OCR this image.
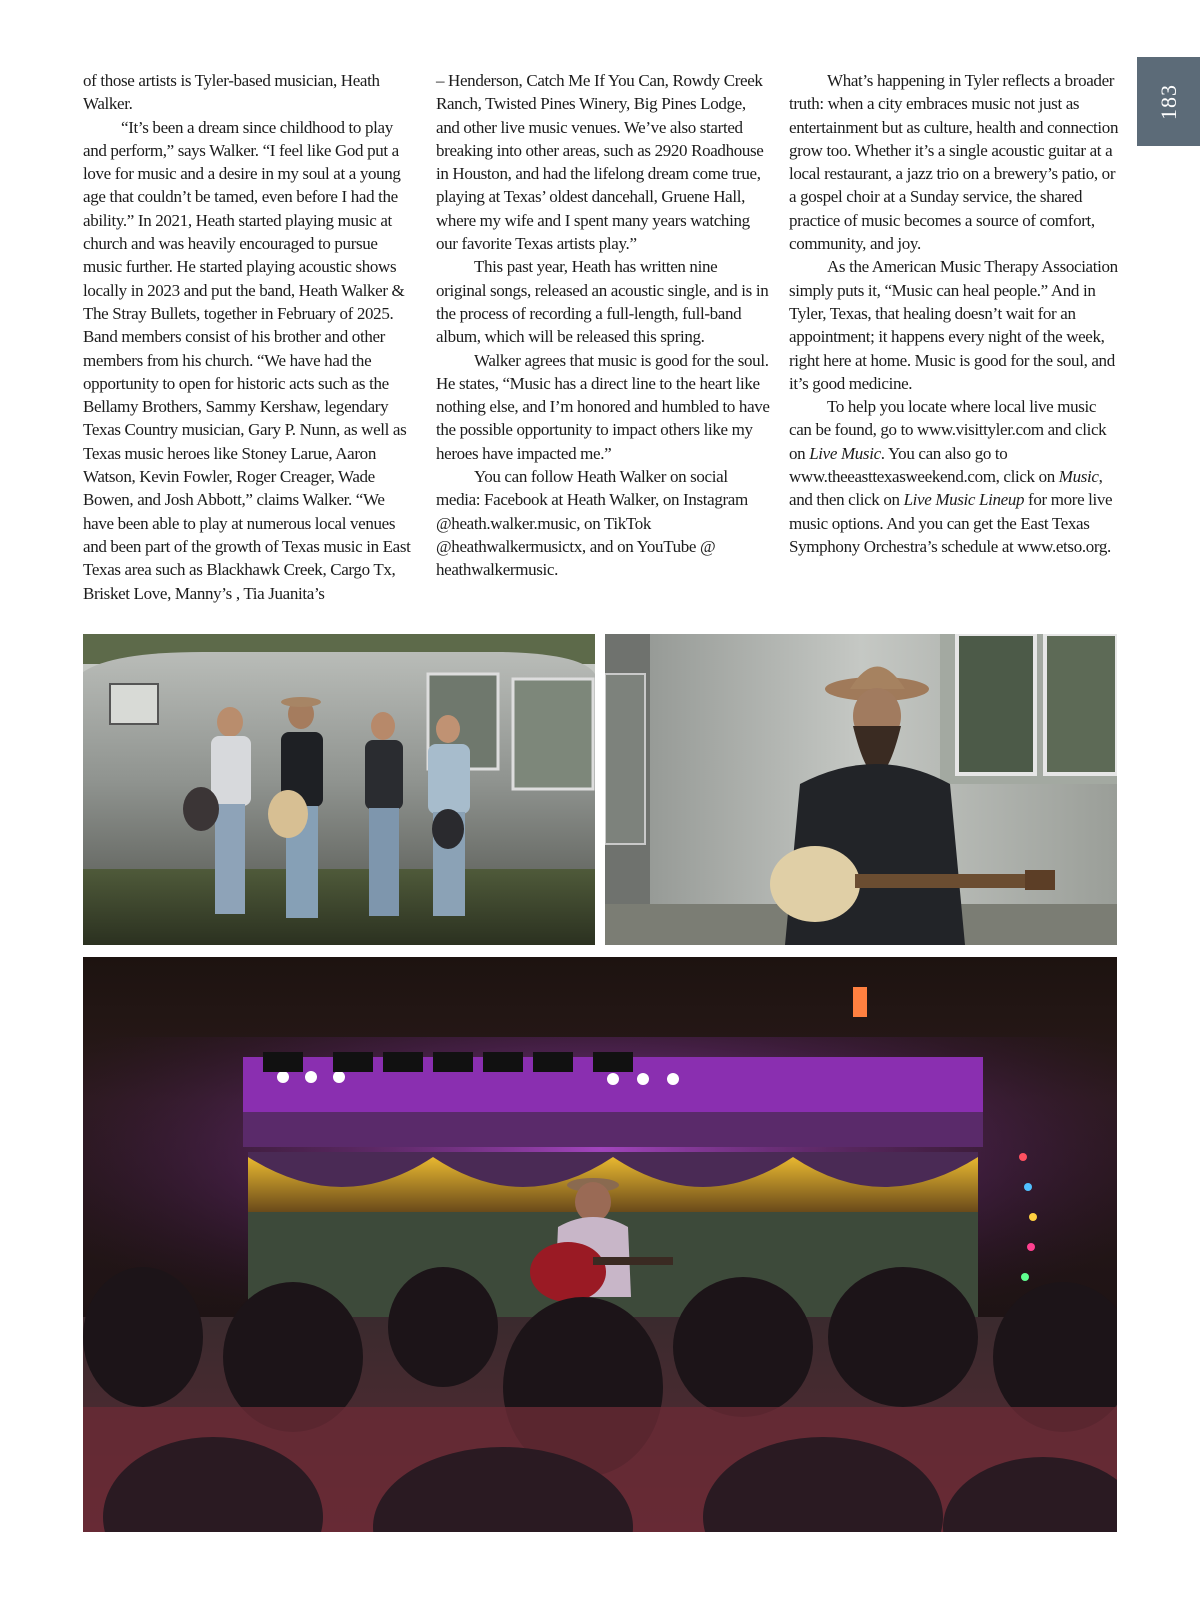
183

of those artists is Tyler-based musician, Heath Walker.

“It’s been a dream since childhood to play and perform,” says Walker. “I feel like God put a love for music and a desire in my soul at a young age that couldn’t be tamed, even before I had the ability.” In 2021, Heath started playing music at church and was heavily encouraged to pursue music further. He started playing acoustic shows locally in 2023 and put the band, Heath Walker & The Stray Bullets, together in February of 2025. Band members consist of his brother and other members from his church. “We have had the opportunity to open for historic acts such as the Bellamy Brothers, Sammy Kershaw, legendary Texas Country musician, Gary P. Nunn, as well as Texas music heroes like Stoney Larue, Aaron Watson, Kevin Fowler, Roger Creager, Wade Bowen, and Josh Abbott,” claims Walker. “We have been able to play at numerous local venues and been part of the growth of Texas music in East Texas area such as Blackhawk Creek, Cargo Tx, Brisket Love, Manny’s , Tia Juanita’s

– Henderson, Catch Me If You Can, Rowdy Creek Ranch, Twisted Pines Winery, Big Pines Lodge, and other live music venues. We’ve also started breaking into other areas, such as 2920 Roadhouse in Houston, and had the lifelong dream come true, playing at Texas’ oldest dancehall, Gruene Hall, where my wife and I spent many years watching our favorite Texas artists play.”

This past year, Heath has written nine original songs, released an acoustic single, and is in the process of recording a full-length, full-band album, which will be released this spring.

Walker agrees that music is good for the soul. He states, “Music has a direct line to the heart like nothing else, and I’m honored and humbled to have the possible opportunity to impact others like my heroes have impacted me.”

You can follow Heath Walker on social media: Facebook at Heath Walker, on Instagram @heath.walker.music, on TikTok @heathwalkermusictx, and on YouTube @ heathwalkermusic.

What’s happening in Tyler reflects a broader truth: when a city embraces music not just as entertainment but as culture, health and connection grow too. Whether it’s a single acoustic guitar at a local restaurant, a jazz trio on a brewery’s patio, or a gospel choir at a Sunday service, the shared practice of music becomes a source of comfort, community, and joy.

As the American Music Therapy Association simply puts it, “Music can heal people.” And in Tyler, Texas, that healing doesn’t wait for an appointment; it happens every night of the week, right here at home. Music is good for the soul, and it’s good medicine.

To help you locate where local live music can be found, go to www.visittyler.com and click on Live Music. You can also go to www.theeasttexasweekend.com, click on Music, and then click on Live Music Lineup for more live music options. And you can get the East Texas Symphony Orchestra’s schedule at www.etso.org.
